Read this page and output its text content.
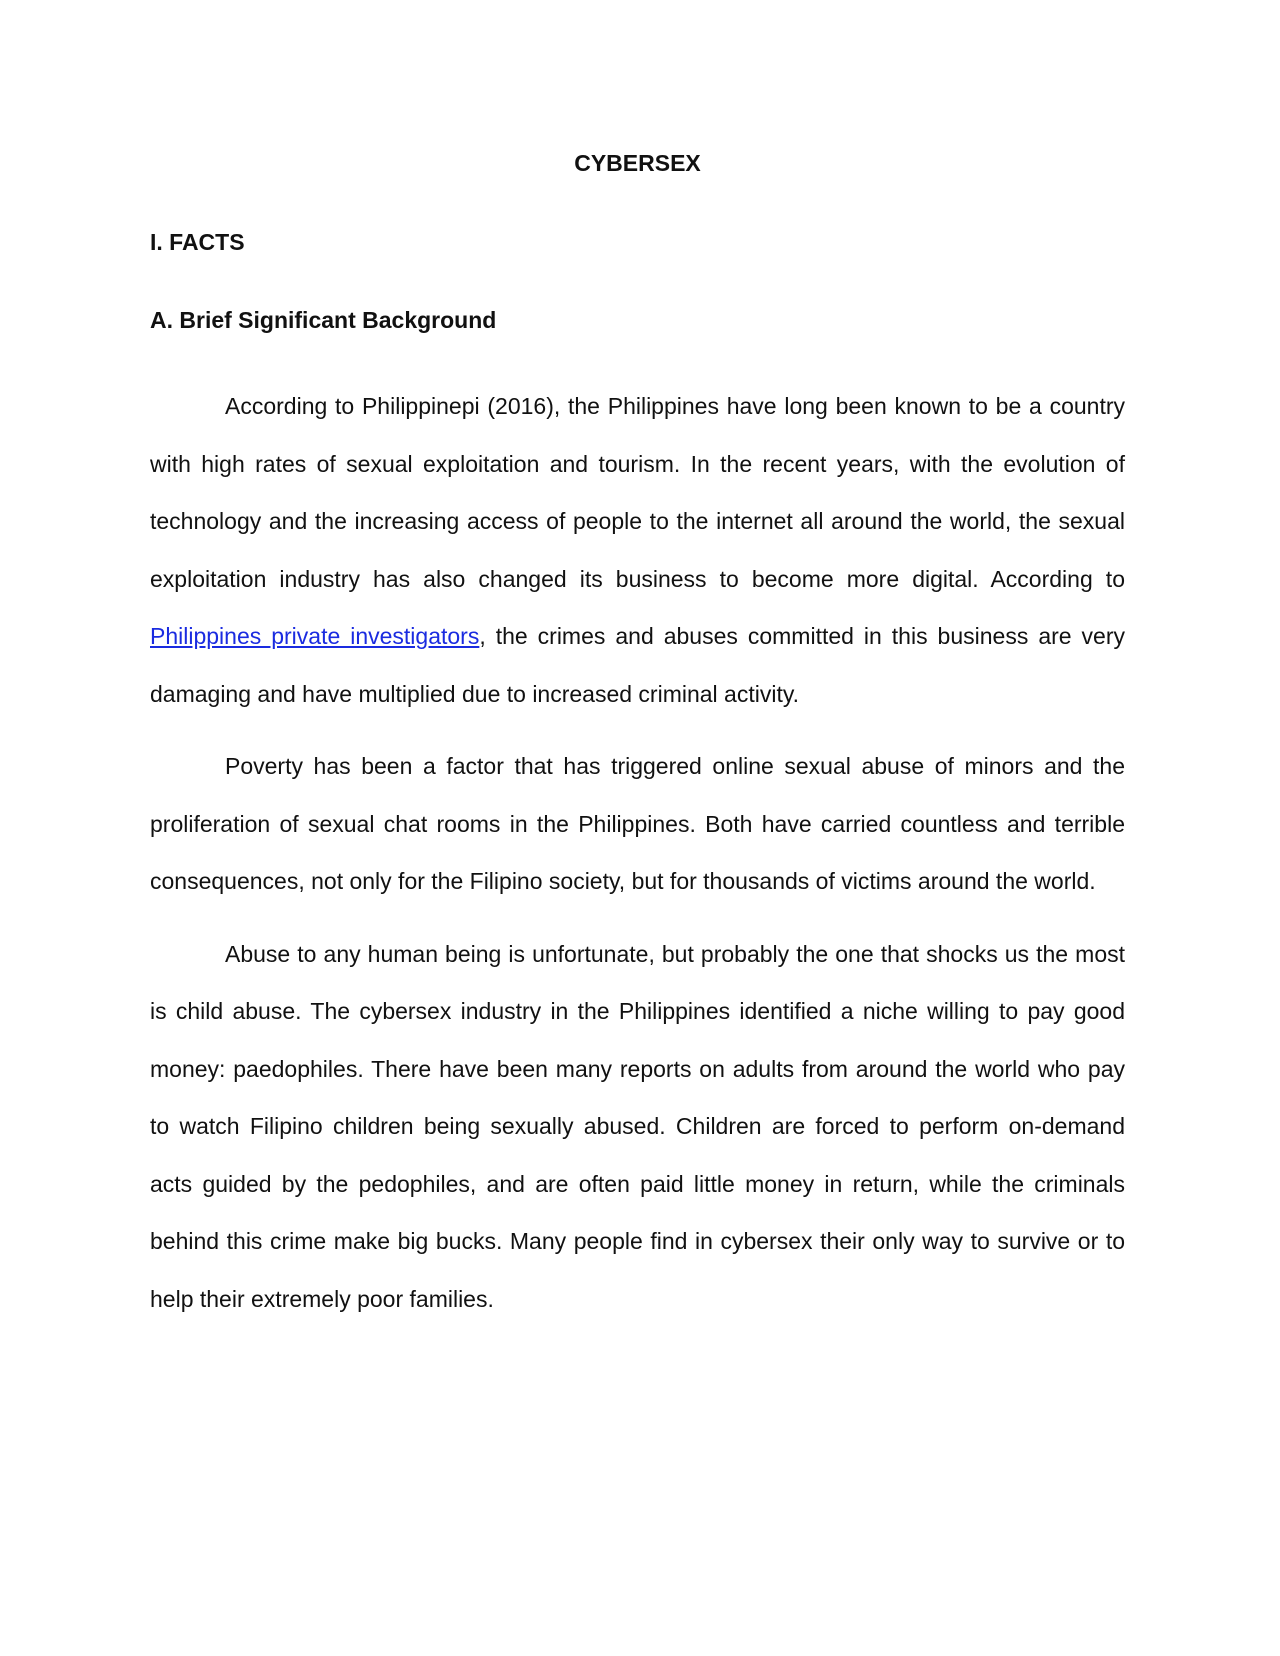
CYBERSEX
I. FACTS
A. Brief Significant Background

According to Philippinepi (2016), the Philippines have long been known to be a country with high rates of sexual exploitation and tourism. In the recent years, with the evolution of technology and the increasing access of people to the internet all around the world, the sexual exploitation industry has also changed its business to become more digital. According to Philippines private investigators, the crimes and abuses committed in this business are very damaging and have multiplied due to increased criminal activity.

Poverty has been a factor that has triggered online sexual abuse of minors and the proliferation of sexual chat rooms in the Philippines. Both have carried countless and terrible consequences, not only for the Filipino society, but for thousands of victims around the world.

Abuse to any human being is unfortunate, but probably the one that shocks us the most is child abuse. The cybersex industry in the Philippines identified a niche willing to pay good money: paedophiles. There have been many reports on adults from around the world who pay to watch Filipino children being sexually abused. Children are forced to perform on-demand acts guided by the pedophiles, and are often paid little money in return, while the criminals behind this crime make big bucks. Many people find in cybersex their only way to survive or to help their extremely poor families.
